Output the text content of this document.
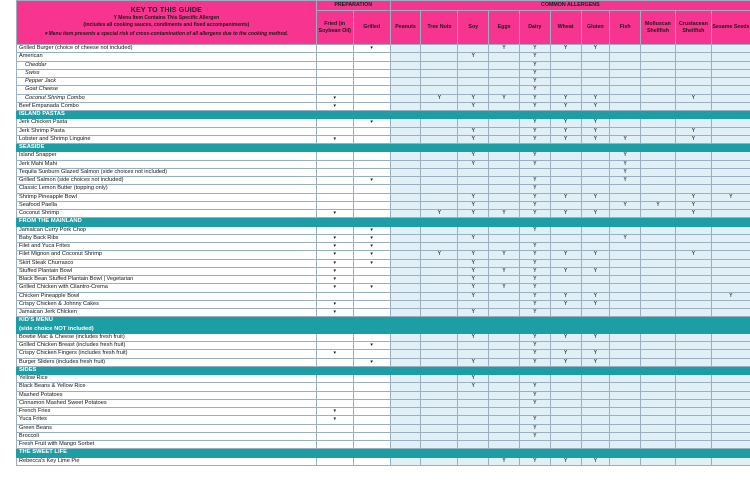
KEY TO THIS GUIDE
Y Menu Item Contains This Specific Allergen
(includes all cooking sauces, condiments and fixed accompaniments)
▾ Menu item presents a special risk of cross-contamination of all allergens due to the cooking method.	PREPARATION		COMMON ALLERGENS										
	Fried (in Soybean Oil)	Grilled	Peanuts	Tree Nuts	Soy	Eggs	Dairy	Wheat	Gluten	Fish	Molluscan Shellfish	Crustacean Shellfish	Sesame Seeds

Grilled Burger (choice of cheese not included)		▾				Y	Y	Y	Y				
American					Y		Y						
Cheddar							Y						
Swiss							Y						
Pepper Jack							Y						
Goat Cheese							Y						
Coconut Shrimp Combo	▾			Y	Y	Y	Y	Y	Y			Y	
Beef Empanada Combo	▾				Y		Y	Y	Y				
ISLAND PASTAS													
Jerk Chicken Pasta		▾					Y	Y	Y				
Jerk Shrimp Pasta					Y		Y	Y	Y			Y	
Lobster and Shrimp Linguine	▾				Y		Y	Y	Y	Y		Y	
SEASIDE													
Island Snapper					Y		Y			Y			
Jerk Mahi Mahi					Y		Y			Y			
Tequila Sunburn Glazed Salmon (side choices not included)										Y			
Grilled Salmon (side choices not included)		▾					Y			Y			
Classic Lemon Butter (topping only)							Y						
Shrimp Pineapple Bowl					Y		Y	Y	Y			Y	Y
Seafood Paella					Y		Y			Y	Y	Y	
Coconut Shrimp	▾			Y	Y	Y	Y	Y	Y			Y	
FROM THE MAINLAND													
Jamaican Curry Pork Chop		▾					Y						
Baby Back Ribs	▾	▾			Y					Y			
Filet and Yuca Frites	▾	▾					Y						
Filet Mignon and Coconut Shrimp	▾	▾		Y	Y	Y	Y	Y	Y			Y	
Skirt Steak Churrasco	▾	▾			Y		Y						
Stuffed Plantain Bowl	▾				Y	Y	Y	Y	Y				
Black Bean Stuffed Plantain Bowl | Vegetarian	▾				Y		Y						
Grilled Chicken with Cilantro-Crema	▾	▾			Y	Y	Y						
Chicken Pineapple Bowl					Y		Y	Y	Y				Y
Crispy Chicken & Johnny Cakes	▾						Y	Y	Y				
Jamaican Jerk Chicken	▾				Y		Y						
KID'S MENU													
(side choice NOT included)													
Bowtie Mac & Cheese (includes fresh fruit)					Y		Y	Y	Y				
Grilled Chicken Breast (includes fresh fruit)		▾					Y						
Crispy Chicken Fingers (includes fresh fruit)	▾						Y	Y	Y				
Burger Sliders (includes fresh fruit)		▾			Y		Y	Y	Y				
SIDES													
Yellow Rice					Y								
Black Beans & Yellow Rice					Y		Y						
Mashed Potatoes							Y						
Cinnamon Mashed Sweet Potatoes							Y						
French Fries	▾												
Yuca Frites	▾						Y						
Green Beans							Y						
Broccoli							Y						
Fresh Fruit with Mango Sorbet													
THE SWEET LIFE													
Rebecca's Key Lime Pie						Y	Y	Y	Y				
